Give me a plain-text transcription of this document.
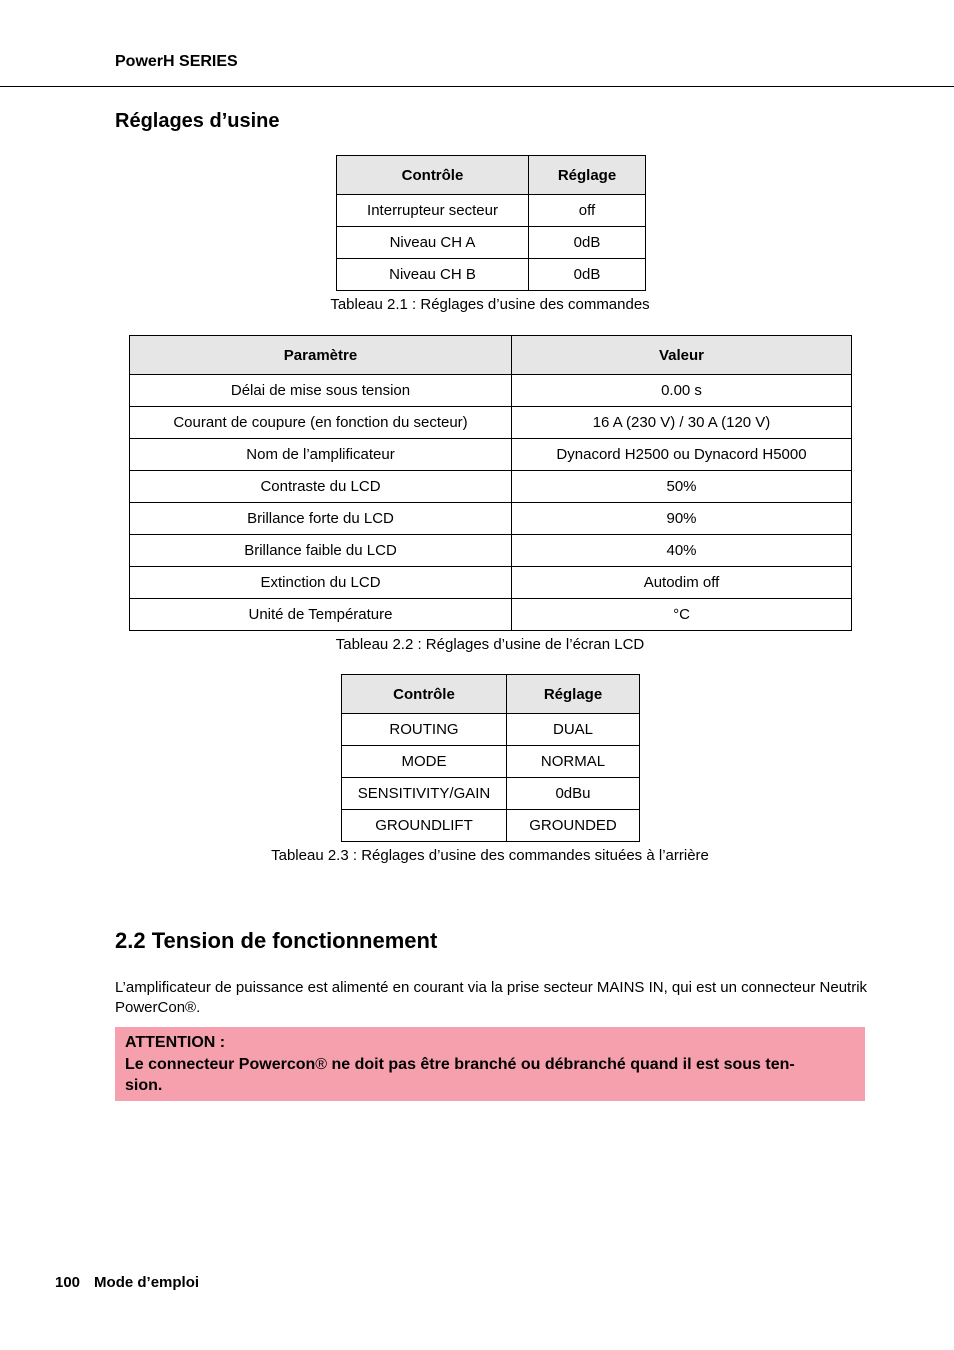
PowerH SERIES
Réglages d’usine
Contrôle	Réglage
Interrupteur secteur	off
Niveau CH A	0dB
Niveau CH B	0dB
Tableau 2.1 : Réglages d’usine des commandes
Paramètre	Valeur
Délai de mise sous tension	0.00 s
Courant de coupure (en fonction du secteur)	16 A (230 V) / 30 A (120 V)
Nom de l’amplificateur	Dynacord H2500 ou Dynacord H5000
Contraste du LCD	50%
Brillance forte du LCD	90%
Brillance faible du LCD	40%
Extinction du LCD	Autodim off
Unité de Température	°C
Tableau 2.2 : Réglages d’usine de l’écran LCD
Contrôle	Réglage
ROUTING	DUAL
MODE	NORMAL
SENSITIVITY/GAIN	0dBu
GROUNDLIFT	GROUNDED
Tableau 2.3 : Réglages d’usine des commandes situées à l’arrière
2.2 Tension de fonctionnement
L’amplificateur de puissance est alimenté en courant via la prise secteur MAINS IN, qui est un connecteur Neutrik PowerCon®.
ATTENTION :
Le connecteur Powercon® ne doit pas être branché ou débranché quand il est sous ten-
sion.
100 Mode d’emploi
